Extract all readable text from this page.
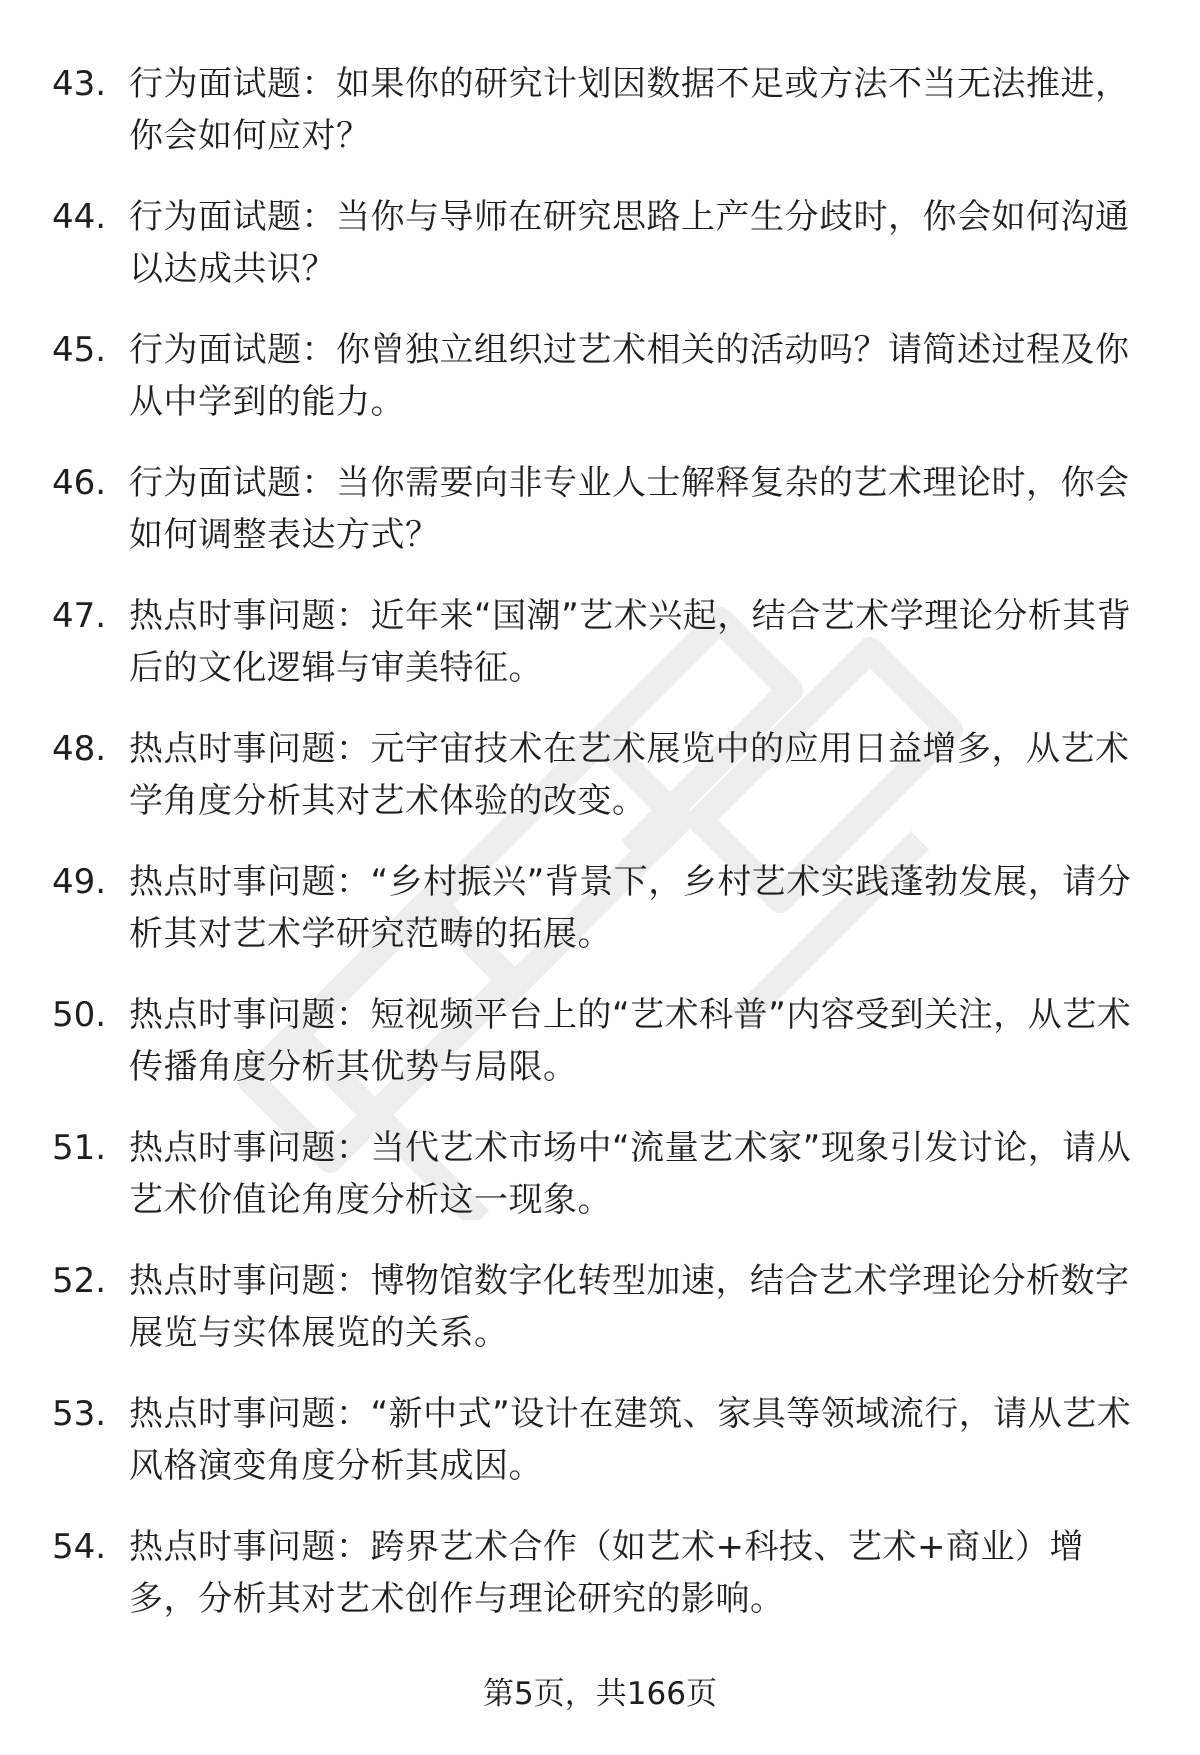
43. 行为面试题：如果你的研究计划因数据不足或方法不当无法推进，你会如何应对？
44. 行为面试题：当你与导师在研究思路上产生分歧时，你会如何沟通以达成共识？
45. 行为面试题：你曾独立组织过艺术相关的活动吗？请简述过程及你从中学到的能力。
46. 行为面试题：当你需要向非专业人士解释复杂的艺术理论时，你会如何调整表达方式？
47. 热点时事问题：近年来“国潮”艺术兴起，结合艺术学理论分析其背后的文化逻辑与审美特征。
48. 热点时事问题：元宇宙技术在艺术展览中的应用日益增多，从艺术学角度分析其对艺术体验的改变。
49. 热点时事问题：“乡村振兴”背景下，乡村艺术实践蓬勃发展，请分析其对艺术学研究范畴的拓展。
50. 热点时事问题：短视频平台上的“艺术科普”内容受到关注，从艺术传播角度分析其优势与局限。
51. 热点时事问题：当代艺术市场中“流量艺术家”现象引发讨论，请从艺术价值论角度分析这一现象。
52. 热点时事问题：博物馆数字化转型加速，结合艺术学理论分析数字展览与实体展览的关系。
53. 热点时事问题：“新中式”设计在建筑、家具等领域流行，请从艺术风格演变角度分析其成因。
54. 热点时事问题：跨界艺术合作（如艺术+科技、艺术+商业）增多，分析其对艺术创作与理论研究的影响。
第5页，共166页
